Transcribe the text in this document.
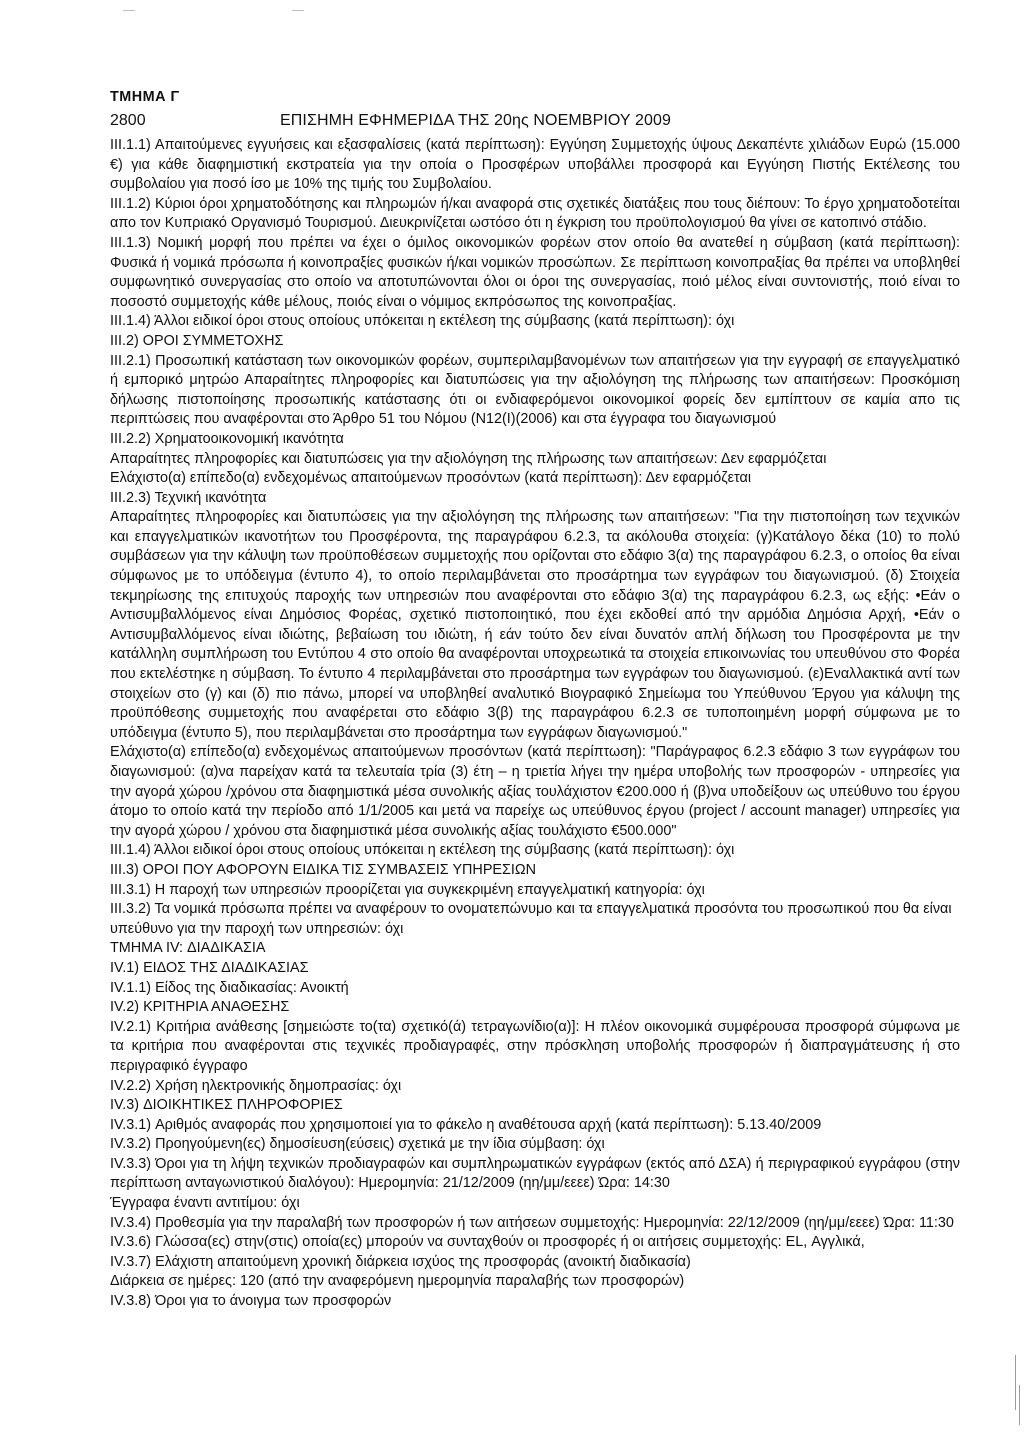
ΤΜΗΜΑ Γ
2800	ΕΠΙΣΗΜΗ ΕΦΗΜΕΡΙΔΑ ΤΗΣ 20ης ΝΟΕΜΒΡΙΟΥ 2009

ΙΙΙ.1.1) Απαιτούμενες εγγυήσεις και εξασφαλίσεις (κατά περίπτωση): Εγγύηση Συμμετοχής ύψους Δεκαπέντε χιλιάδων Ευρώ (15.000 €) για κάθε διαφημιστική εκστρατεία για την οποία ο Προσφέρων υποβάλλει προσφορά και Εγγύηση Πιστής Εκτέλεσης του συμβολαίου για ποσό ίσο με 10% της τιμής του Συμβολαίου.

ΙΙΙ.1.2) Κύριοι όροι χρηματοδότησης και πληρωμών ή/και αναφορά στις σχετικές διατάξεις που τους διέπουν: Το έργο χρηματοδοτείται απο τον Κυπριακό Οργανισμό Τουρισμού. Διευκρινίζεται ωστόσο ότι η έγκριση του προϋπολογισμού θα γίνει σε κατοπινό στάδιο.

ΙΙΙ.1.3) Νομική μορφή που πρέπει να έχει ο όμιλος οικονομικών φορέων στον οποίο θα ανατεθεί η σύμβαση (κατά περίπτωση): Φυσικά ή νομικά πρόσωπα ή κοινοπραξίες φυσικών ή/και νομικών προσώπων. Σε περίπτωση κοινοπραξίας θα πρέπει να υποβληθεί συμφωνητικό συνεργασίας στο οποίο να αποτυπώνονται όλοι οι όροι της συνεργασίας, ποιό μέλος είναι συντονιστής, ποιό είναι το ποσοστό συμμετοχής κάθε μέλους, ποιός είναι ο νόμιμος εκπρόσωπος της κοινοπραξίας.

ΙΙΙ.1.4) Άλλοι ειδικοί όροι στους οποίους υπόκειται η εκτέλεση της σύμβασης (κατά περίπτωση): όχι

ΙΙΙ.2) ΟΡΟΙ ΣΥΜΜΕΤΟΧΗΣ

ΙΙΙ.2.1) Προσωπική κατάσταση των οικονομικών φορέων, συμπεριλαμβανομένων των απαιτήσεων για την εγγραφή σε επαγγελματικό ή εμπορικό μητρώο Απαραίτητες πληροφορίες και διατυπώσεις για την αξιολόγηση της πλήρωσης των απαιτήσεων: Προσκόμιση δήλωσης πιστοποίησης προσωπικής κατάστασης ότι οι ενδιαφερόμενοι οικονομικοί φορείς δεν εμπίπτουν σε καμία απο τις περιπτώσεις που αναφέρονται στο Άρθρο 51 του Νόμου (Ν12(Ι)(2006) και στα έγγραφα του διαγωνισμού

ΙΙΙ.2.2) Χρηματοοικονομική ικανότητα

Απαραίτητες πληροφορίες και διατυπώσεις για την αξιολόγηση της πλήρωσης των απαιτήσεων: Δεν εφαρμόζεται

Ελάχιστο(α) επίπεδο(α) ενδεχομένως απαιτούμενων προσόντων (κατά περίπτωση): Δεν εφαρμόζεται

ΙΙΙ.2.3) Τεχνική ικανότητα

Απαραίτητες πληροφορίες και διατυπώσεις για την αξιολόγηση της πλήρωσης των απαιτήσεων: "Για την πιστοποίηση των τεχνικών και επαγγελματικών ικανοτήτων του Προσφέροντα, της παραγράφου 6.2.3, τα ακόλουθα στοιχεία: (γ)Κατάλογο δέκα (10) το πολύ συμβάσεων για την κάλυψη των προϋποθέσεων συμμετοχής που ορίζονται στο εδάφιο 3(α) της παραγράφου 6.2.3, ο οποίος θα είναι σύμφωνος με το υπόδειγμα (έντυπο 4), το οποίο περιλαμβάνεται στο προσάρτημα των εγγράφων του διαγωνισμού. (δ) Στοιχεία τεκμηρίωσης της επιτυχούς παροχής των υπηρεσιών που αναφέρονται στο εδάφιο 3(α) της παραγράφου 6.2.3, ως εξής: •Εάν ο Αντισυμβαλλόμενος είναι Δημόσιος Φορέας, σχετικό πιστοποιητικό, που έχει εκδοθεί από την αρμόδια Δημόσια Αρχή, •Εάν ο Αντισυμβαλλόμενος είναι ιδιώτης, βεβαίωση του ιδιώτη, ή εάν τούτο δεν είναι δυνατόν απλή δήλωση του Προσφέροντα με την κατάλληλη συμπλήρωση του Εντύπου 4 στο οποίο θα αναφέρονται υποχρεωτικά τα στοιχεία επικοινωνίας του υπευθύνου στο Φορέα που εκτελέστηκε η σύμβαση. Το έντυπο 4 περιλαμβάνεται στο προσάρτημα των εγγράφων του διαγωνισμού. (ε)Εναλλακτικά αντί των στοιχείων στο (γ) και (δ) πιο πάνω, μπορεί να υποβληθεί αναλυτικό Βιογραφικό Σημείωμα του Υπεύθυνου Έργου για κάλυψη της προϋπόθεσης συμμετοχής που αναφέρεται στο εδάφιο 3(β) της παραγράφου 6.2.3 σε τυποποιημένη μορφή σύμφωνα με το υπόδειγμα (έντυπο 5), που περιλαμβάνεται στο προσάρτημα των εγγράφων διαγωνισμού."

Ελάχιστο(α) επίπεδο(α) ενδεχομένως απαιτούμενων προσόντων (κατά περίπτωση): "Παράγραφος 6.2.3 εδάφιο 3 των εγγράφων του διαγωνισμού: (α)να παρείχαν κατά τα τελευταία τρία (3) έτη – η τριετία λήγει την ημέρα υποβολής των προσφορών - υπηρεσίες για την αγορά χώρου /χρόνου στα διαφημιστικά μέσα συνολικής αξίας τουλάχιστον €200.000 ή (β)να υποδείξουν ως υπεύθυνο του έργου άτομο το οποίο κατά την περίοδο από 1/1/2005 και μετά να παρείχε ως υπεύθυνος έργου (project / account manager) υπηρεσίες για την αγορά χώρου / χρόνου στα διαφημιστικά μέσα συνολικής αξίας τουλάχιστο €500.000"

ΙΙΙ.1.4) Άλλοι ειδικοί όροι στους οποίους υπόκειται η εκτέλεση της σύμβασης (κατά περίπτωση): όχι

ΙΙΙ.3) ΟΡΟΙ ΠΟΥ ΑΦΟΡΟΥΝ ΕΙΔΙΚΑ ΤΙΣ ΣΥΜΒΑΣΕΙΣ ΥΠΗΡΕΣΙΩΝ

ΙΙΙ.3.1) Η παροχή των υπηρεσιών προορίζεται για συγκεκριμένη επαγγελματική κατηγορία: όχι

ΙΙΙ.3.2) Τα νομικά πρόσωπα πρέπει να αναφέρουν το ονοματεπώνυμο και τα επαγγελματικά προσόντα του προσωπικού που θα είναι υπεύθυνο για την παροχή των υπηρεσιών: όχι

ΤΜΗΜΑ IV: ΔΙΑΔΙΚΑΣΙΑ

ΙV.1) ΕΙΔΟΣ ΤΗΣ ΔΙΑΔΙΚΑΣΙΑΣ

ΙV.1.1) Είδος της διαδικασίας: Ανοικτή

ΙV.2) ΚΡΙΤΗΡΙΑ ΑΝΑΘΕΣΗΣ

ΙV.2.1) Κριτήρια ανάθεσης [σημειώστε το(τα) σχετικό(ά) τετραγωνίδιο(α)]: Η πλέον οικονομικά συμφέρουσα προσφορά σύμφωνα με τα κριτήρια που αναφέρονται στις τεχνικές προδιαγραφές, στην πρόσκληση υποβολής προσφορών ή διαπραγμάτευσης ή στο περιγραφικό έγγραφο

ΙV.2.2) Χρήση ηλεκτρονικής δημοπρασίας: όχι

ΙV.3) ΔΙΟΙΚΗΤΙΚΕΣ ΠΛΗΡΟΦΟΡΙΕΣ

ΙV.3.1) Αριθμός αναφοράς που χρησιμοποιεί για το φάκελο η αναθέτουσα αρχή (κατά περίπτωση): 5.13.40/2009

ΙV.3.2) Προηγούμενη(ες) δημοσίευση(εύσεις) σχετικά με την ίδια σύμβαση: όχι

ΙV.3.3) Όροι για τη λήψη τεχνικών προδιαγραφών και συμπληρωματικών εγγράφων (εκτός από ΔΣΑ) ή περιγραφικού εγγράφου (στην περίπτωση ανταγωνιστικού διαλόγου): Ημερομηνία: 21/12/2009 (ηη/μμ/εεεε) Ώρα: 14:30

Έγγραφα έναντι αντιτίμου: όχι

ΙV.3.4) Προθεσμία για την παραλαβή των προσφορών ή των αιτήσεων συμμετοχής: Ημερομηνία: 22/12/2009 (ηη/μμ/εεεε) Ώρα: 11:30

ΙV.3.6) Γλώσσα(ες) στην(στις) οποία(ες) μπορούν να συνταχθούν οι προσφορές ή οι αιτήσεις συμμετοχής: EL, Αγγλικά,

ΙV.3.7) Ελάχιστη απαιτούμενη χρονική διάρκεια ισχύος της προσφοράς (ανοικτή διαδικασία)

Διάρκεια σε ημέρες: 120 (από την αναφερόμενη ημερομηνία παραλαβής των προσφορών)

ΙV.3.8) Όροι για το άνοιγμα των προσφορών
